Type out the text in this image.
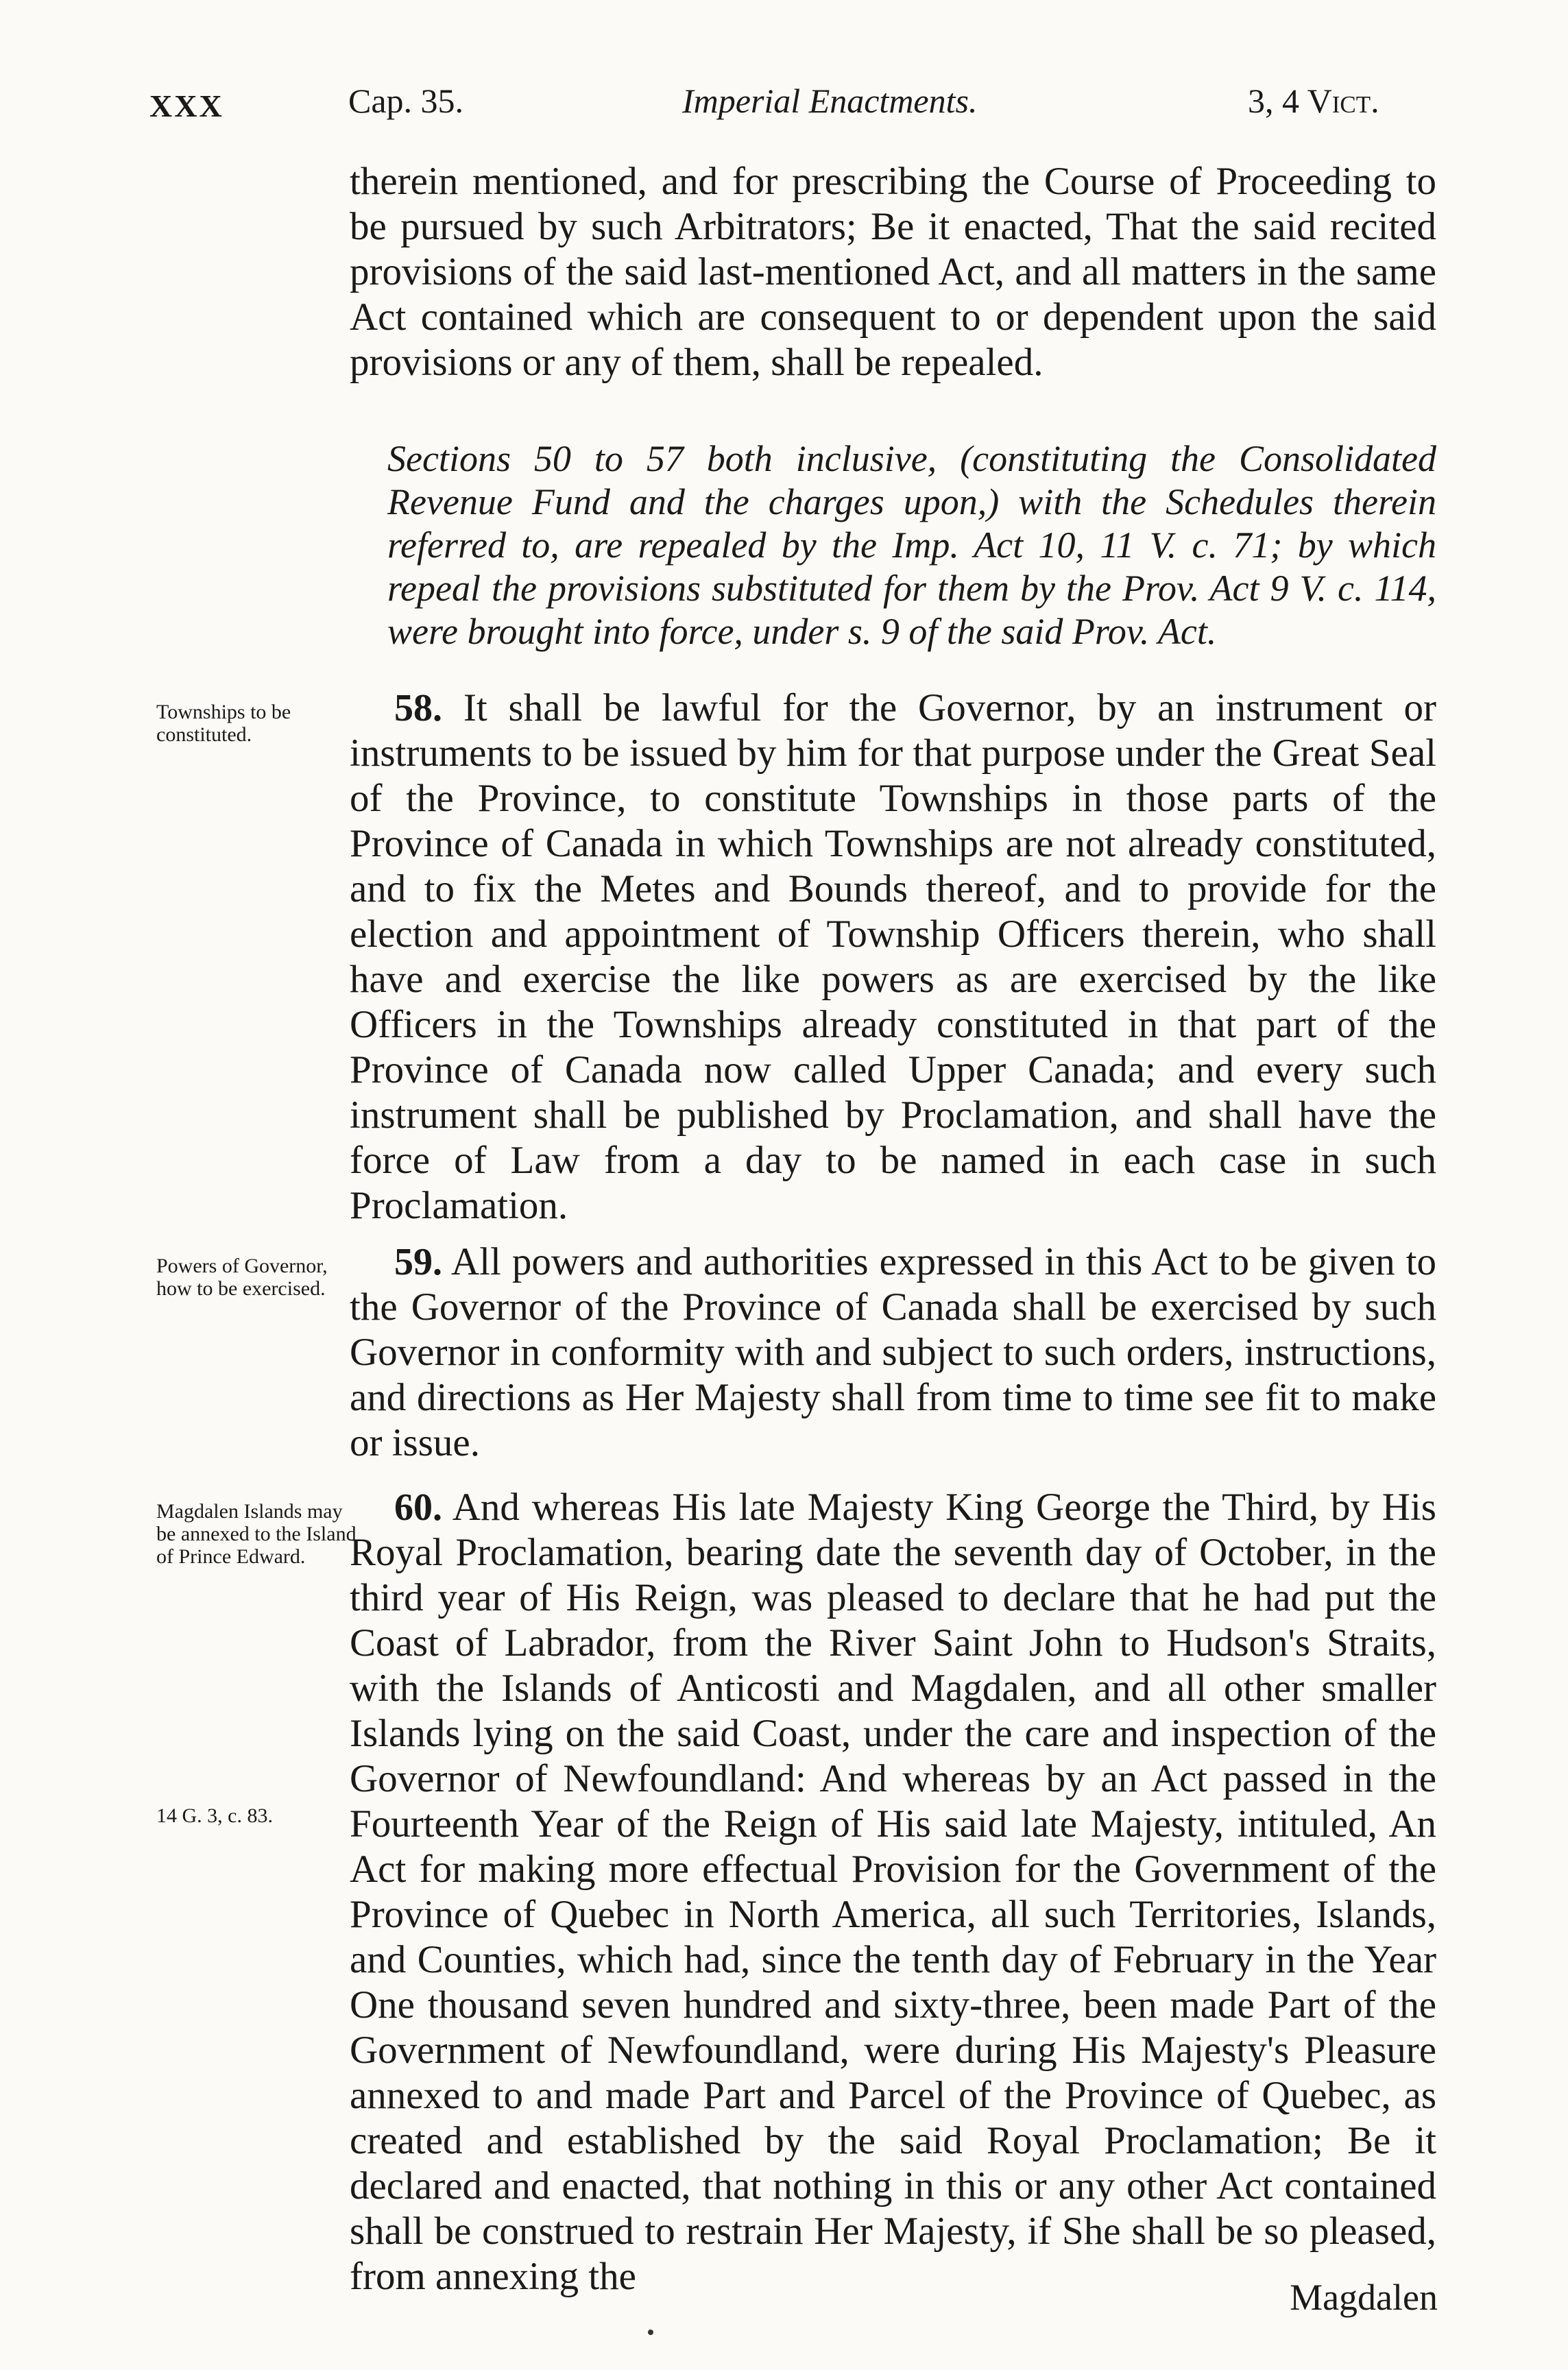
XXX	Cap. 35.	Imperial Enactments.	3, 4 Vict.

therein mentioned, and for prescribing the Course of Proceeding to be pursued by such Arbitrators; Be it enacted, That the said recited provisions of the said last-mentioned Act, and all matters in the same Act contained which are consequent to or dependent upon the said provisions or any of them, shall be repealed.

Sections 50 to 57 both inclusive, (constituting the Consolidated Revenue Fund and the charges upon,) with the Schedules therein referred to, are repealed by the Imp. Act 10, 11 V. c. 71; by which repeal the provisions substituted for them by the Prov. Act 9 V. c. 114, were brought into force, under s. 9 of the said Prov. Act.

Townships to be constituted.

58. It shall be lawful for the Governor, by an instrument or instruments to be issued by him for that purpose under the Great Seal of the Province, to constitute Townships in those parts of the Province of Canada in which Townships are not already constituted, and to fix the Metes and Bounds thereof, and to provide for the election and appointment of Township Officers therein, who shall have and exercise the like powers as are exercised by the like Officers in the Townships already constituted in that part of the Province of Canada now called Upper Canada; and every such instrument shall be published by Proclamation, and shall have the force of Law from a day to be named in each case in such Proclamation.

Powers of Governor, how to be exercised.

59. All powers and authorities expressed in this Act to be given to the Governor of the Province of Canada shall be exercised by such Governor in conformity with and subject to such orders, instructions, and directions as Her Majesty shall from time to time see fit to make or issue.

Magdalen Islands may be annexed to the Island of Prince Edward.
14 G. 3, c. 83.

60. And whereas His late Majesty King George the Third, by His Royal Proclamation, bearing date the seventh day of October, in the third year of His Reign, was pleased to declare that he had put the Coast of Labrador, from the River Saint John to Hudson's Straits, with the Islands of Anticosti and Magdalen, and all other smaller Islands lying on the said Coast, under the care and inspection of the Governor of Newfoundland: And whereas by an Act passed in the Fourteenth Year of the Reign of His said late Majesty, intituled, An Act for making more effectual Provision for the Government of the Province of Quebec in North America, all such Territories, Islands, and Counties, which had, since the tenth day of February in the Year One thousand seven hundred and sixty-three, been made Part of the Government of Newfoundland, were during His Majesty's Pleasure annexed to and made Part and Parcel of the Province of Quebec, as created and established by the said Royal Proclamation; Be it declared and enacted, that nothing in this or any other Act contained shall be construed to restrain Her Majesty, if She shall be so pleased, from annexing the	Magdalen
